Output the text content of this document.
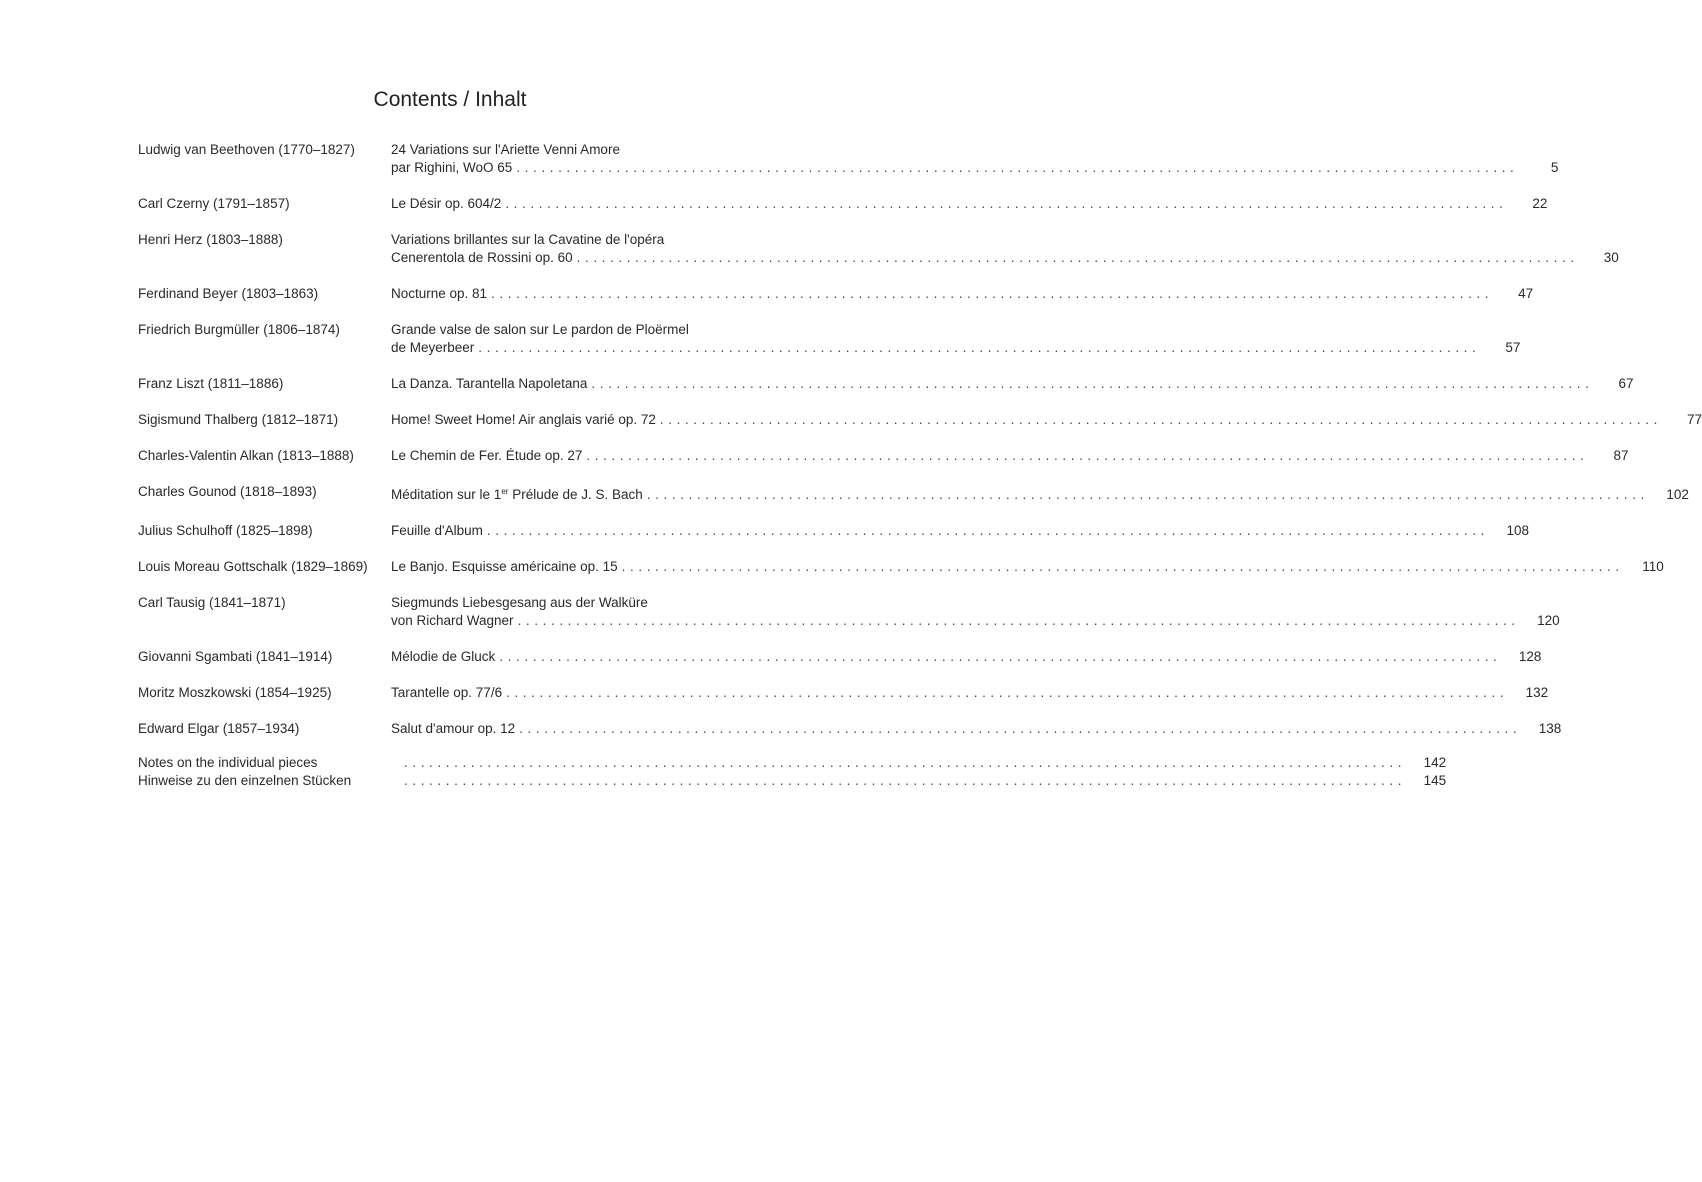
Contents / Inhalt
Ludwig van Beethoven (1770–1827)	24 Variations sur l'Ariette Venni Amore
par Righini, WoO 65 ........................................................................................................................	5
Carl Czerny (1791–1857)	Le Désir op. 604/2 ........................................................................................................................	22
Henri Herz (1803–1888)	Variations brillantes sur la Cavatine de l'opéra
Cenerentola de Rossini op. 60 ........................................................................................................................	30
Ferdinand Beyer (1803–1863)	Nocturne op. 81 ........................................................................................................................	47
Friedrich Burgmüller (1806–1874)	Grande valse de salon sur Le pardon de Ploërmel
de Meyerbeer ........................................................................................................................	57
Franz Liszt (1811–1886)	La Danza. Tarantella Napoletana ........................................................................................................................	67
Sigismund Thalberg (1812–1871)	Home! Sweet Home! Air anglais varié op. 72 ........................................................................................................................	77
Charles-Valentin Alkan (1813–1888)	Le Chemin de Fer. Étude op. 27 ........................................................................................................................	87
Charles Gounod (1818–1893)	Méditation sur le 1er Prélude de J. S. Bach ........................................................................................................................	102
Julius Schulhoff (1825–1898)	Feuille d'Album ........................................................................................................................	108
Louis Moreau Gottschalk (1829–1869)	Le Banjo. Esquisse américaine op. 15 ........................................................................................................................	110
Carl Tausig (1841–1871)	Siegmunds Liebesgesang aus der Walküre
von Richard Wagner ........................................................................................................................	120
Giovanni Sgambati (1841–1914)	Mélodie de Gluck ........................................................................................................................	128
Moritz Moszkowski (1854–1925)	Tarantelle op. 77/6 ........................................................................................................................	132
Edward Elgar (1857–1934)	Salut d'amour op. 12 ........................................................................................................................	138
Notes on the individual pieces	........................................................................................................................	142
Hinweise zu den einzelnen Stücken	........................................................................................................................	145
